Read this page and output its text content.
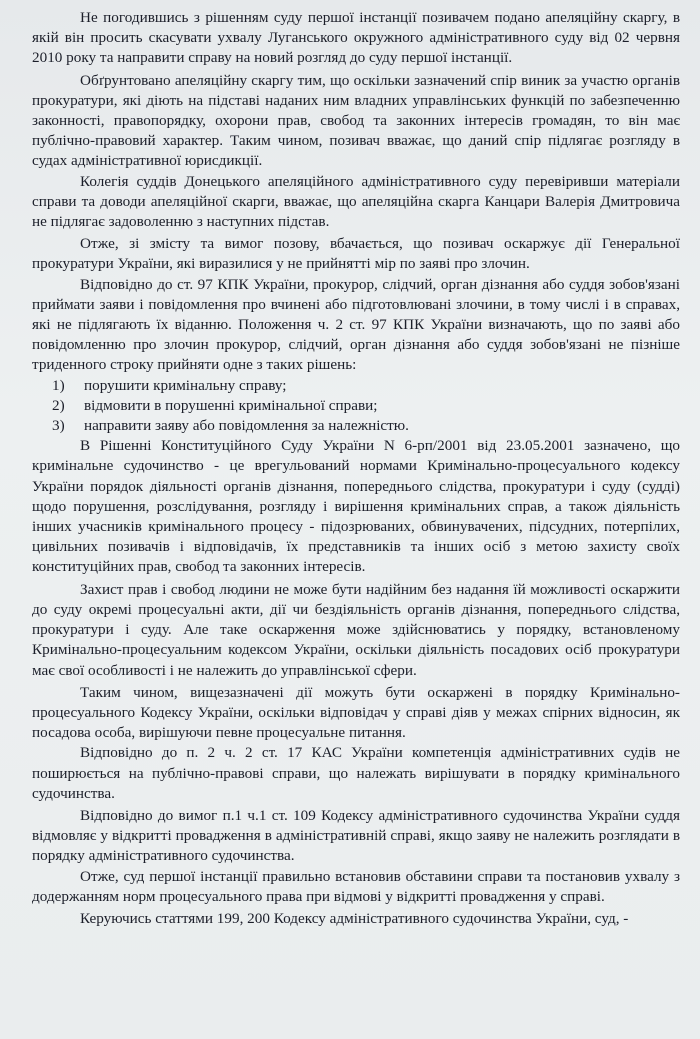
Не погодившись з рішенням суду першої інстанції позивачем подано апеляційну скаргу, в якій він просить скасувати ухвалу Луганського окружного адміністративного суду від 02 червня 2010 року та направити справу на новий розгляд до суду першої інстанції.

Обґрунтовано апеляційну скаргу тим, що оскільки зазначений спір виник за участю органів прокуратури, які діють на підставі наданих ним владних управлінських функцій по забезпеченню законності, правопорядку, охорони прав, свобод та законних інтересів громадян, то він має публічно-правовий характер. Таким чином, позивач вважає, що даний спір підлягає розгляду в судах адміністративної юрисдикції.

Колегія суддів Донецького апеляційного адміністративного суду перевіривши матеріали справи та доводи апеляційної скарги, вважає, що апеляційна скарга Канцари Валерія Дмитровича не підлягає задоволенню з наступних підстав.

Отже, зі змісту та вимог позову, вбачається, що позивач оскаржує дії Генеральної прокуратури України, які виразилися у не прийнятті мір по заяві про злочин.

Відповідно до ст. 97 КПК України, прокурор, слідчий, орган дізнання або суддя зобов'язані приймати заяви і повідомлення про вчинені або підготовлювані злочини, в тому числі і в справах, які не підлягають їх віданню. Положення ч. 2 ст. 97 КПК України визначають, що по заяві або повідомленню про злочин прокурор, слідчий, орган дізнання або суддя зобов'язані не пізніше триденного строку прийняти одне з таких рішень:

1)	порушити кримінальну справу;
2)	відмовити в порушенні кримінальної справи;
3)	направити заяву або повідомлення за належністю.

В Рішенні Конституційного Суду України N 6-рп/2001 від 23.05.2001 зазначено, що кримінальне судочинство - це врегульований нормами Кримінально-процесуального кодексу України порядок діяльності органів дізнання, попереднього слідства, прокуратури і суду (судді) щодо порушення, розслідування, розгляду і вирішення кримінальних справ, а також діяльність інших учасників кримінального процесу - підозрюваних, обвинувачених, підсудних, потерпілих, цивільних позивачів і відповідачів, їх представників та інших осіб з метою захисту своїх конституційних прав, свобод та законних інтересів.

Захист прав і свобод людини не може бути надійним без надання їй можливості оскаржити до суду окремі процесуальні акти, дії чи бездіяльність органів дізнання, попереднього слідства, прокуратури і суду. Але таке оскарження може здійснюватись у порядку, встановленому Кримінально-процесуальним кодексом України, оскільки діяльність посадових осіб прокуратури має свої особливості і не належить до управлінської сфери.

Таким чином, вищезазначені дії можуть бути оскаржені в порядку Кримінально-процесуального Кодексу України, оскільки відповідач у справі діяв у межах спірних відносин, як посадова особа, вирішуючи певне процесуальне питання.

Відповідно до п. 2 ч. 2 ст. 17 КАС України компетенція адміністративних судів не поширюється на публічно-правові справи, що належать вирішувати в порядку кримінального судочинства.

Відповідно до вимог п.1 ч.1 ст. 109 Кодексу адміністративного судочинства України суддя відмовляє у відкритті провадження в адміністративній справі, якщо заяву не належить розглядати в порядку адміністративного судочинства.

Отже, суд першої інстанції правильно встановив обставини справи та постановив ухвалу з додержанням норм процесуального права при відмові у відкритті провадження у справі.

Керуючись статтями 199, 200 Кодексу адміністративного судочинства України, суд, -
